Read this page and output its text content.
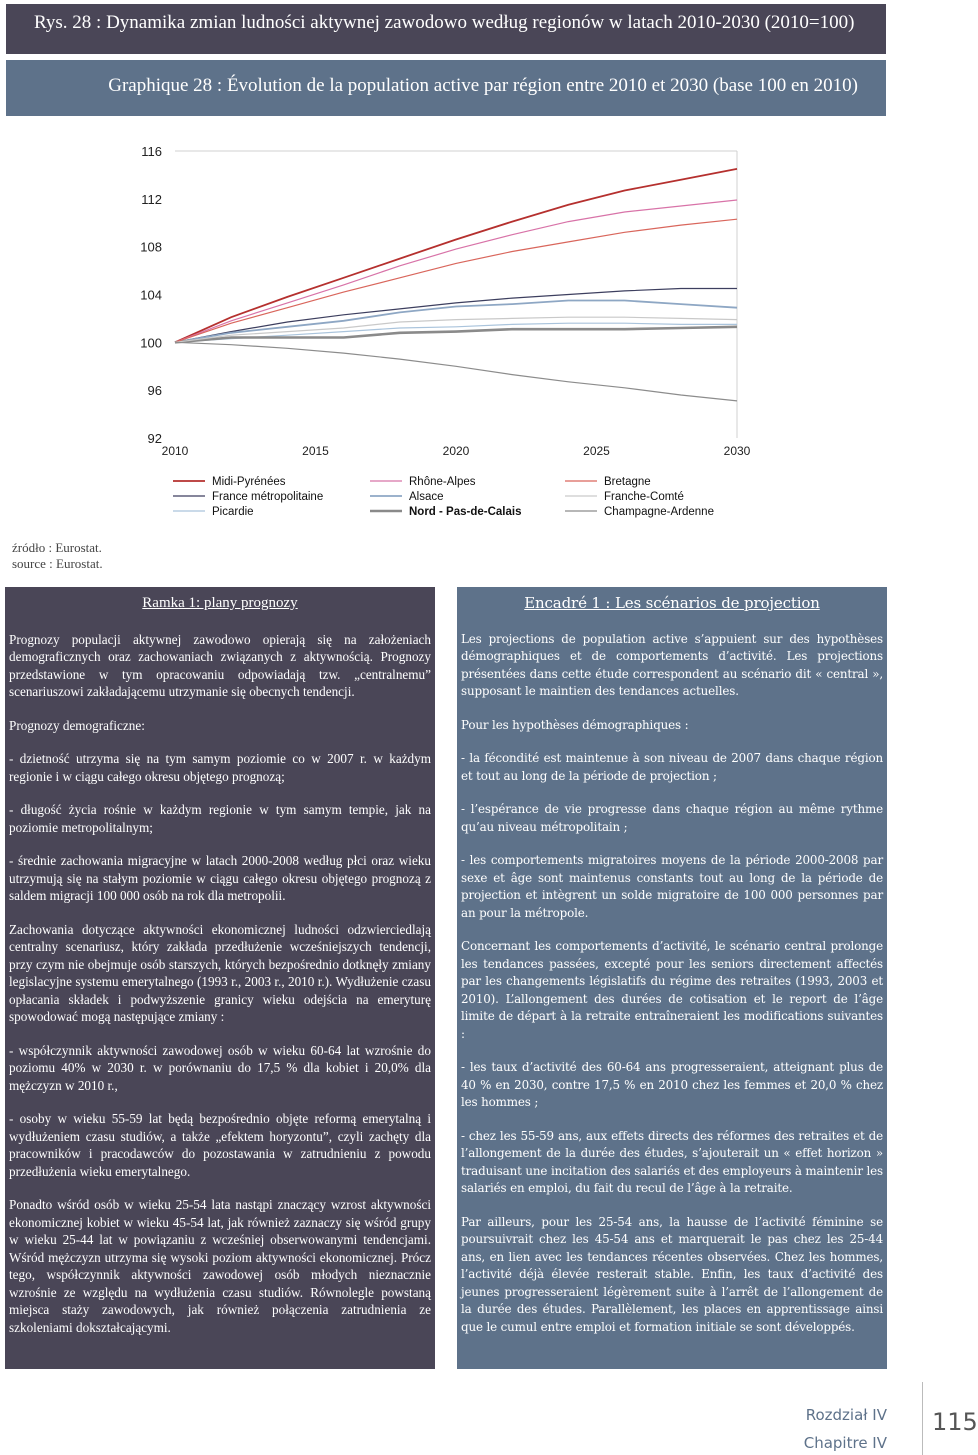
Rys. 28 : Dynamika zmian ludności aktywnej zawodowo według regionów w latach 2010-2030 (2010=100)
Graphique 28 : Évolution de la population active par région entre 2010 et 2030 (base 100 en 2010)
116
112
108
104
100
96
92
2010	2015	2020	2025	2030
Midi-Pyrénées
France métropolitaine
Picardie
Rhône-Alpes
Alsace
Nord - Pas-de-Calais
Bretagne
Franche-Comté
Champagne-Ardenne
źródło : Eurostat.
source : Eurostat.
Ramka 1: plany prognozy

Prognozy populacji aktywnej zawodowo opierają się na założeniach demograficznych oraz zachowaniach związanych z aktywnością. Prognozy przedstawione w tym opracowaniu odpowiadają tzw. „centralnemu” scenariuszowi zakładającemu utrzymanie się obecnych tendencji.

Prognozy demograficzne:

- dzietność utrzyma się na tym samym poziomie co w 2007 r. w każdym regionie i w ciągu całego okresu objętego prognozą;

- długość życia rośnie w każdym regionie w tym samym tempie, jak na poziomie metropolitalnym;

- średnie zachowania migracyjne w latach 2000-2008 według płci oraz wieku utrzymują się na stałym poziomie w ciągu całego okresu objętego prognozą z saldem migracji 100 000 osób na rok dla metropolii.

Zachowania dotyczące aktywności ekonomicznej ludności odzwierciedlają centralny scenariusz, który zakłada przedłużenie wcześniejszych tendencji, przy czym nie obejmuje osób starszych, których bezpośrednio dotknęły zmiany legislacyjne systemu emerytalnego (1993 r., 2003 r., 2010 r.). Wydłużenie czasu opłacania składek i podwyższenie granicy wieku odejścia na emeryturę spowodować mogą następujące zmiany :

- współczynnik aktywności zawodowej osób w wieku 60-64 lat wzrośnie do poziomu 40% w 2030 r. w porównaniu do 17,5 % dla kobiet i 20,0% dla mężczyzn w 2010 r.,

- osoby w wieku 55-59 lat będą bezpośrednio objęte reformą emerytalną i wydłużeniem czasu studiów, a także „efektem horyzontu”, czyli zachęty dla pracowników i pracodawców do pozostawania w zatrudnieniu z powodu przedłużenia wieku emerytalnego.

Ponadto wśród osób w wieku 25-54 lata nastąpi znaczący wzrost aktywności ekonomicznej kobiet w wieku 45-54 lat, jak również zaznaczy się wśród grupy w wieku 25-44 lat w powiązaniu z wcześniej obserwowanymi tendencjami. Wśród mężczyzn utrzyma się wysoki poziom aktywności ekonomicznej. Prócz tego, współczynnik aktywności zawodowej osób młodych nieznacznie wzrośnie ze względu na wydłużenia czasu studiów. Równolegle powstaną miejsca staży zawodowych, jak również połączenia zatrudnienia ze szkoleniami dokształcającymi.

Encadré 1 : Les scénarios de projection

Les projections de population active s’appuient sur des hypothèses démographiques et de comportements d’activité. Les projections présentées dans cette étude correspondent au scénario dit « central », supposant le maintien des tendances actuelles.

Pour les hypothèses démographiques :

- la fécondité est maintenue à son niveau de 2007 dans chaque région et tout au long de la période de projection ;

- l’espérance de vie progresse dans chaque région au même rythme qu’au niveau métropolitain ;

- les comportements migratoires moyens de la période 2000-2008 par sexe et âge sont maintenus constants tout au long de la période de projection et intègrent un solde migratoire de 100 000 personnes par an pour la métropole.

Concernant les comportements d’activité, le scénario central prolonge les tendances passées, excepté pour les seniors directement affectés par les changements législatifs du régime des retraites (1993, 2003 et 2010). L’allongement des durées de cotisation et le report de l’âge limite de départ à la retraite entraîneraient les modifications suivantes :

- les taux d’activité des 60-64 ans progresseraient, atteignant plus de 40 % en 2030, contre 17,5 % en 2010 chez les femmes et 20,0 % chez les hommes ;

- chez les 55-59 ans, aux effets directs des réformes des retraites et de l’allongement de la durée des études, s’ajouterait un « effet horizon » traduisant une incitation des salariés et des employeurs à maintenir les salariés en emploi, du fait du recul de l’âge à la retraite.

Par ailleurs, pour les 25-54 ans, la hausse de l’activité féminine se poursuivrait chez les 45-54 ans et marquerait le pas chez les 25-44 ans, en lien avec les tendances récentes observées. Chez les hommes, l’activité déjà élevée resterait stable. Enfin, les taux d’activité des jeunes progresseraient légèrement suite à l’arrêt de l’allongement de la durée des études. Parallèlement, les places en apprentissage ainsi que le cumul entre emploi et formation initiale se sont développés.

Rozdział IV
Chapitre IV
115
